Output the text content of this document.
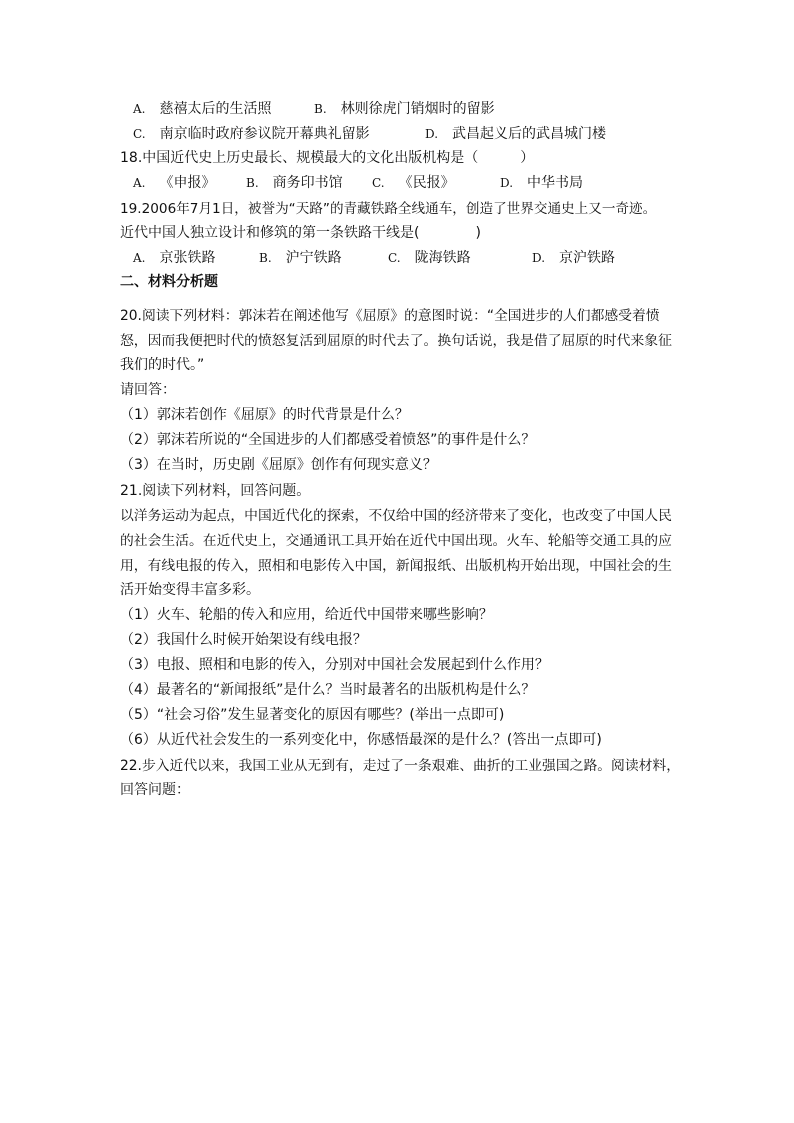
A. 慈禧太后的生活照	B. 林则徐虎门销烟时的留影
C. 南京临时政府参议院开幕典礼留影	D. 武昌起义后的武昌城门楼
18.中国近代史上历史最长、规模最大的文化出版机构是（　　　）
A. 《申报》	B. 商务印书馆 C. 《民报》	D. 中华书局
19.2006年7月1日，被誉为“天路”的青藏铁路全线通车，创造了世界交通史上又一奇迹。
近代中国人独立设计和修筑的第一条铁路干线是(　　　　)
A. 京张铁路	B. 沪宁铁路	C. 陇海铁路	D. 京沪铁路
二、材料分析题
20.阅读下列材料：郭沫若在阐述他写《屈原》的意图时说：“全国进步的人们都感受着愤
怒，因而我便把时代的愤怒复活到屈原的时代去了。换句话说，我是借了屈原的时代来象征
我们的时代。”
请回答：
（1）郭沫若创作《屈原》的时代背景是什么？
（2）郭沫若所说的“全国进步的人们都感受着愤怒”的事件是什么？
（3）在当时，历史剧《屈原》创作有何现实意义？
21.阅读下列材料，回答问题。
以洋务运动为起点，中国近代化的探索，不仅给中国的经济带来了变化，也改变了中国人民
的社会生活。在近代史上，交通通讯工具开始在近代中国出现。火车、轮船等交通工具的应
用，有线电报的传入，照相和电影传入中国，新闻报纸、出版机构开始出现，中国社会的生
活开始变得丰富多彩。
（1）火车、轮船的传入和应用，给近代中国带来哪些影响？
（2）我国什么时候开始架设有线电报？
（3）电报、照相和电影的传入，分别对中国社会发展起到什么作用？
（4）最著名的“新闻报纸”是什么？当时最著名的出版机构是什么？
（5）“社会习俗”发生显著变化的原因有哪些？(举出一点即可)
（6）从近代社会发生的一系列变化中，你感悟最深的是什么？(答出一点即可)
22.步入近代以来，我国工业从无到有，走过了一条艰难、曲折的工业强国之路。阅读材料，
回答问题：
